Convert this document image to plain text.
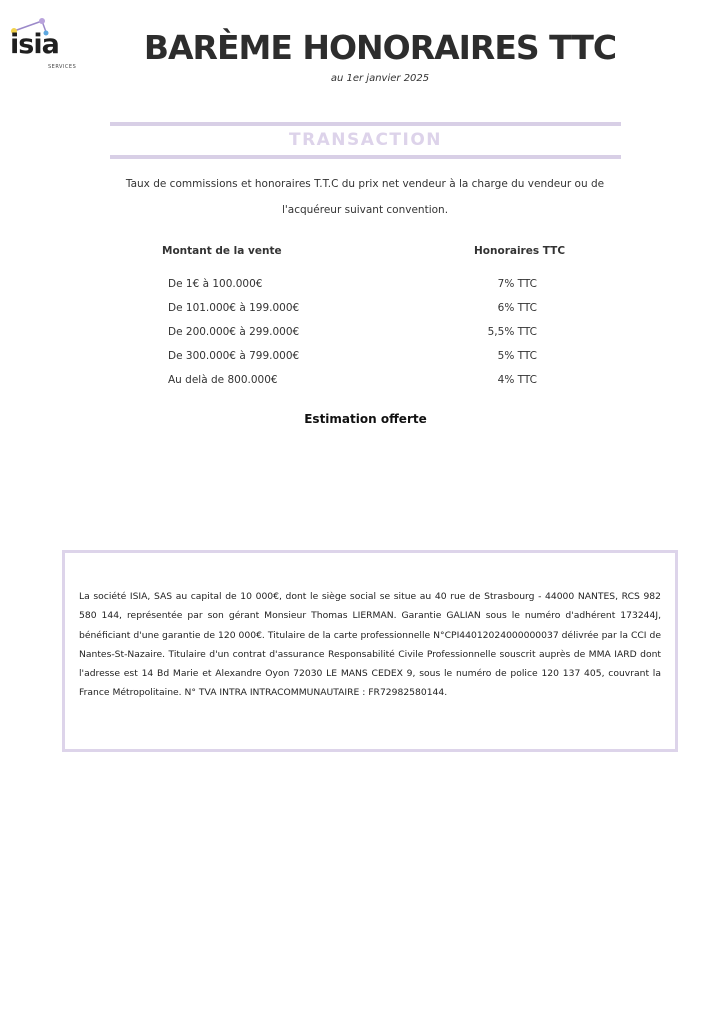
isia
SERVICES	BARÈME HONORAIRES TTC
au 1er janvier 2025
TRANSACTION
Taux de commissions et honoraires T.T.C du prix net vendeur à la charge du vendeur ou de
l'acquéreur suivant convention.
Montant de la vente	Honoraires TTC
De 1€ à 100.000€	7% TTC
De 101.000€ à 199.000€	6% TTC
De 200.000€ à 299.000€	5,5% TTC
De 300.000€ à 799.000€	5% TTC
Au delà de 800.000€	4% TTC
Estimation offerte

La société ISIA, SAS au capital de 10 000€, dont le siège social se situe au 40 rue de Strasbourg - 44000 NANTES, RCS 982 580 144, représentée par son gérant Monsieur Thomas LIERMAN. Garantie GALIAN sous le numéro d'adhérent 173244J, bénéficiant d'une garantie de 120 000€. Titulaire de la carte professionnelle N°CPI44012024000000037 délivrée par la CCI de Nantes-St-Nazaire. Titulaire d'un contrat d'assurance Responsabilité Civile Professionnelle souscrit auprès de MMA IARD dont l'adresse est 14 Bd Marie et Alexandre Oyon 72030 LE MANS CEDEX 9, sous le numéro de police 120 137 405, couvrant la France Métropolitaine. N° TVA INTRA INTRACOMMUNAUTAIRE : FR72982580144.
